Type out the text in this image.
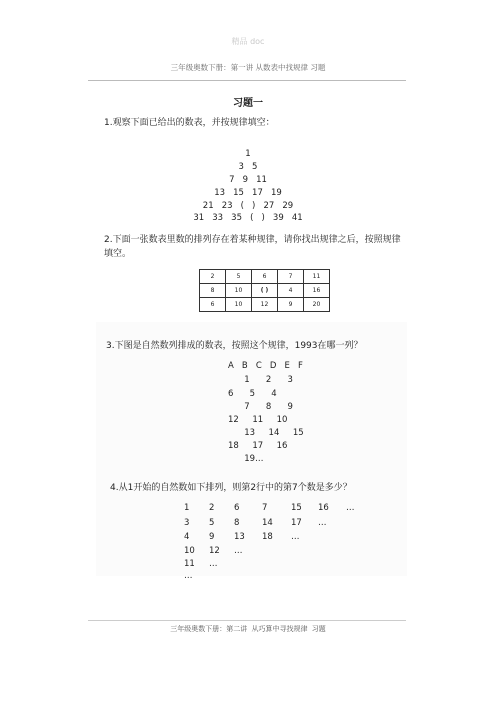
精品 doc
三年级奥数下册：第一讲 从数表中找规律 习题
习题一
1.观察下面已给出的数表，并按规律填空：
1
3   5
7   9   11
13   15   17   19
21   23   (   )   27   29
31   33   35   (   )   39   41
2.下面一张数表里数的排列存在着某种规律，请你找出规律之后，按照规律填空。
2	5	6	7	11
8	10	( )	4	16
6	10	12	9	20
3.下图是自然数列排成的数表，按照这个规律，1993在哪一列？
A   B   C   D   E   F
1      2      3
6      5      4
7      8      9
12     11     10
13     14     15
18     17     16
19…
4.从1开始的自然数如下排列，则第2行中的第7个数是多少？
1 2 6	7	15 16 …
3 5 8	14 17 …
4 9 13 18 …
10 12 …
11 …
…
三年级奥数下册：第二讲 从巧算中寻找规律 习题
